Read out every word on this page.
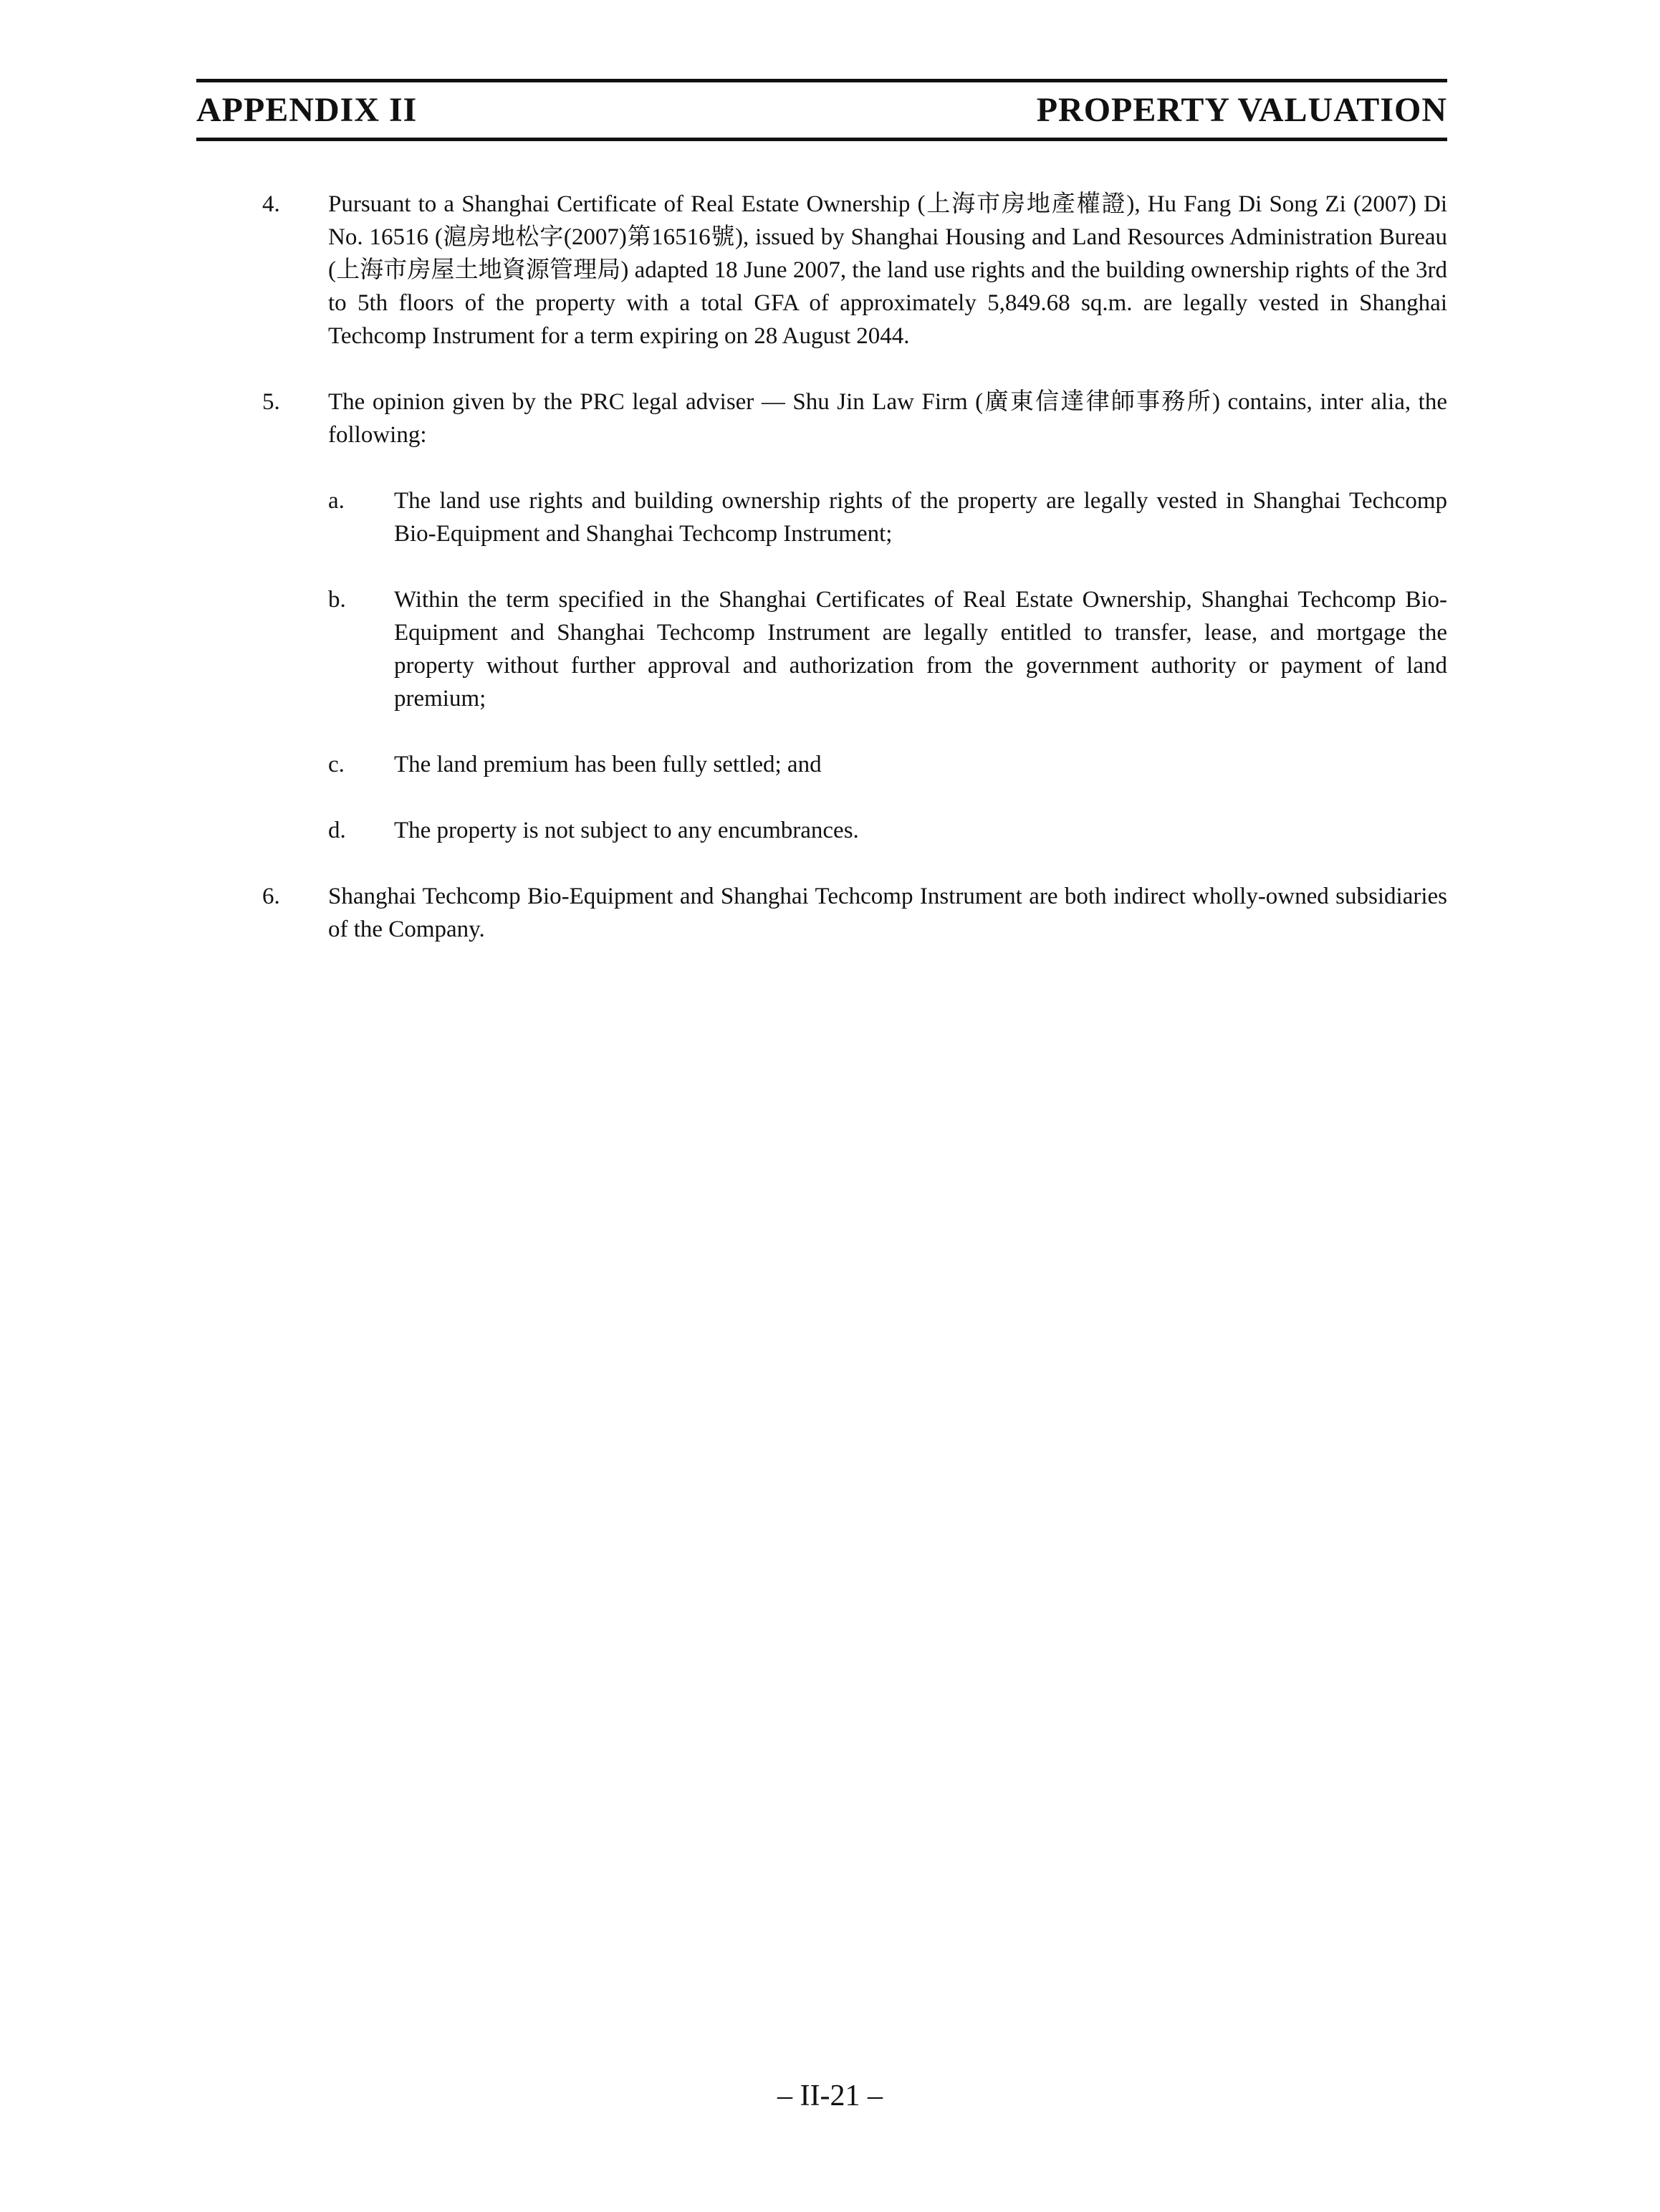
APPENDIX II	PROPERTY VALUATION
4.	Pursuant to a Shanghai Certificate of Real Estate Ownership (上海市房地產權證), Hu Fang Di Song Zi (2007) Di No. 16516 (滬房地松字(2007)第16516號), issued by Shanghai Housing and Land Resources Administration Bureau (上海市房屋土地資源管理局) adapted 18 June 2007, the land use rights and the building ownership rights of the 3rd to 5th floors of the property with a total GFA of approximately 5,849.68 sq.m. are legally vested in Shanghai Techcomp Instrument for a term expiring on 28 August 2044.
5.	The opinion given by the PRC legal adviser — Shu Jin Law Firm (廣東信達律師事務所) contains, inter alia, the following:
a.	The land use rights and building ownership rights of the property are legally vested in Shanghai Techcomp Bio-Equipment and Shanghai Techcomp Instrument;
b.	Within the term specified in the Shanghai Certificates of Real Estate Ownership, Shanghai Techcomp Bio-Equipment and Shanghai Techcomp Instrument are legally entitled to transfer, lease, and mortgage the property without further approval and authorization from the government authority or payment of land premium;
c.	The land premium has been fully settled; and
d.	The property is not subject to any encumbrances.
6.	Shanghai Techcomp Bio-Equipment and Shanghai Techcomp Instrument are both indirect wholly-owned subsidiaries of the Company.
– II-21 –
